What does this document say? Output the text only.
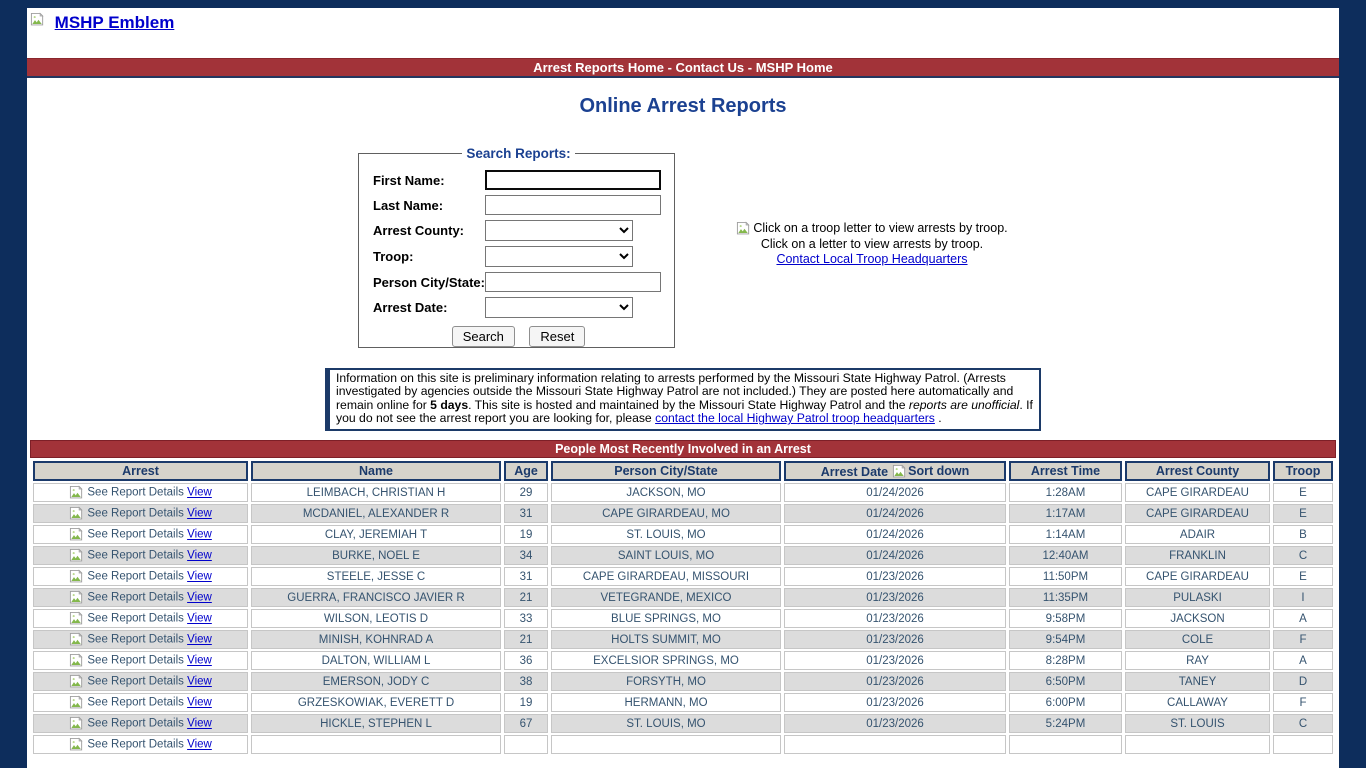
MSHP Emblem
Arrest Reports Home - Contact Us - MSHP Home
Online Arrest Reports
Search Reports:
First Name:
Last Name:
Arrest County:
Troop:
Person City/State:
Arrest Date:
Search	Reset
Click on a troop letter to view arrests by troop.
Click on a letter to view arrests by troop.
Contact Local Troop Headquarters
Information on this site is preliminary information relating to arrests performed by the Missouri State Highway Patrol. (Arrests investigated by agencies outside the Missouri State Highway Patrol are not included.) They are posted here automatically and remain online for 5 days. This site is hosted and maintained by the Missouri State Highway Patrol and the reports are unofficial. If you do not see the arrest report you are looking for, please contact the local Highway Patrol troop headquarters .
People Most Recently Involved in an Arrest
Arrest	Name	Age	Person City/State	Arrest Date Sort down	Arrest Time	Arrest County	Troop
See Report Details View	LEIMBACH, CHRISTIAN H	29	JACKSON, MO	01/24/2026	1:28AM	CAPE GIRARDEAU	E
See Report Details View	MCDANIEL, ALEXANDER R	31	CAPE GIRARDEAU, MO	01/24/2026	1:17AM	CAPE GIRARDEAU	E
See Report Details View	CLAY, JEREMIAH T	19	ST. LOUIS, MO	01/24/2026	1:14AM	ADAIR	B
See Report Details View	BURKE, NOEL E	34	SAINT LOUIS, MO	01/24/2026	12:40AM	FRANKLIN	C
See Report Details View	STEELE, JESSE C	31	CAPE GIRARDEAU, MISSOURI	01/23/2026	11:50PM	CAPE GIRARDEAU	E
See Report Details View	GUERRA, FRANCISCO JAVIER R	21	VETEGRANDE, MEXICO	01/23/2026	11:35PM	PULASKI	I
See Report Details View	WILSON, LEOTIS D	33	BLUE SPRINGS, MO	01/23/2026	9:58PM	JACKSON	A
See Report Details View	MINISH, KOHNRAD A	21	HOLTS SUMMIT, MO	01/23/2026	9:54PM	COLE	F
See Report Details View	DALTON, WILLIAM L	36	EXCELSIOR SPRINGS, MO	01/23/2026	8:28PM	RAY	A
See Report Details View	EMERSON, JODY C	38	FORSYTH, MO	01/23/2026	6:50PM	TANEY	D
See Report Details View	GRZESKOWIAK, EVERETT D	19	HERMANN, MO	01/23/2026	6:00PM	CALLAWAY	F
See Report Details View	HICKLE, STEPHEN L	67	ST. LOUIS, MO	01/23/2026	5:24PM	ST. LOUIS	C
See Report Details View							
